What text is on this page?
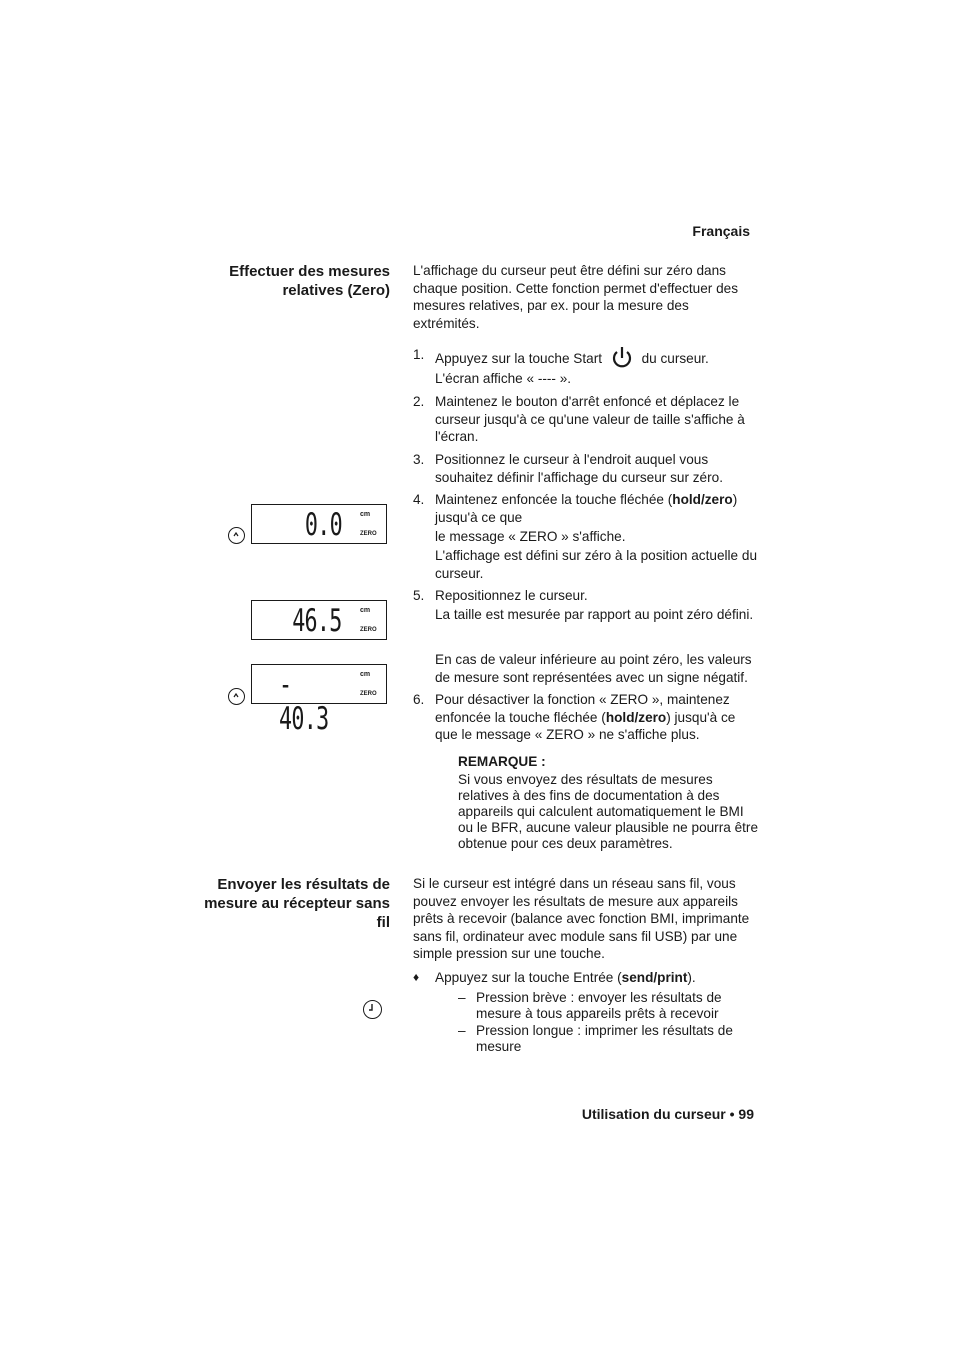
Français
Effectuer des mesures relatives (Zero)
L'affichage du curseur peut être défini sur zéro dans chaque position. Cette fonction permet d'effectuer des mesures relatives, par ex. pour la mesure des extrémités.
1. Appuyez sur la touche Start	du curseur.
L'écran affiche « ---- ».
2. Maintenez le bouton d'arrêt enfoncé et déplacez le curseur jusqu'à ce qu'une valeur de taille s'affiche à l'écran.
3. Positionnez le curseur à l'endroit auquel vous souhaitez définir l'affichage du curseur sur zéro.
4. Maintenez enfoncée la touche fléchée (hold/zero) jusqu'à ce que
le message « ZERO » s'affiche.
L'affichage est défini sur zéro à la position actuelle du curseur.
5. Repositionnez le curseur.
La taille est mesurée par rapport au point zéro défini.
En cas de valeur inférieure au point zéro, les valeurs de mesure sont représentées avec un signe négatif.
6. Pour désactiver la fonction « ZERO », maintenez enfoncée la touche fléchée (hold/zero) jusqu'à ce que le message « ZERO » ne s'affiche plus.
REMARQUE :
Si vous envoyez des résultats de mesures relatives à des fins de documentation à des appareils qui calculent automatiquement le BMI ou le BFR, aucune valeur plausible ne pourra être obtenue pour ces deux paramètres.
0.0	cm
ZERO
46.5	cm
ZERO
- 40.3
cm
ZERO
Envoyer les résultats de mesure au récepteur sans fil
Si le curseur est intégré dans un réseau sans fil, vous pouvez envoyer les résultats de mesure aux appareils prêts à recevoir (balance avec fonction BMI, imprimante sans fil, ordinateur avec module sans fil USB) par une simple pression sur une touche.
♦	Appuyez sur la touche Entrée (send/print).
– Pression brève : envoyer les résultats de mesure à tous appareils prêts à recevoir
– Pression longue : imprimer les résultats de mesure
Utilisation du curseur • 99
